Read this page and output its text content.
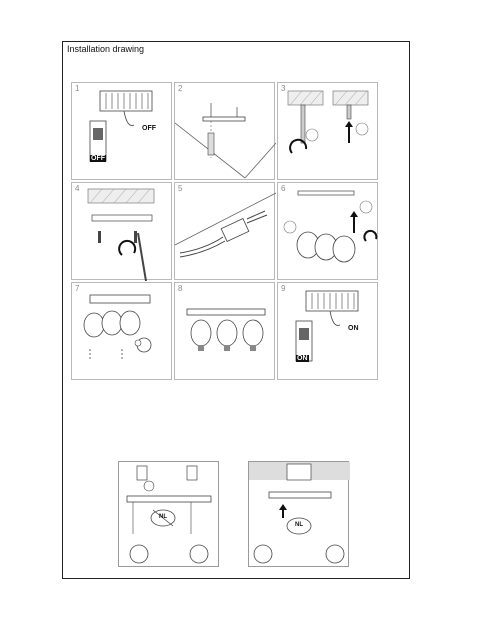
Installation drawing
1
OFF
OFF
2	3
4	5	6
7	8	9
ON
ON
NL
NL
